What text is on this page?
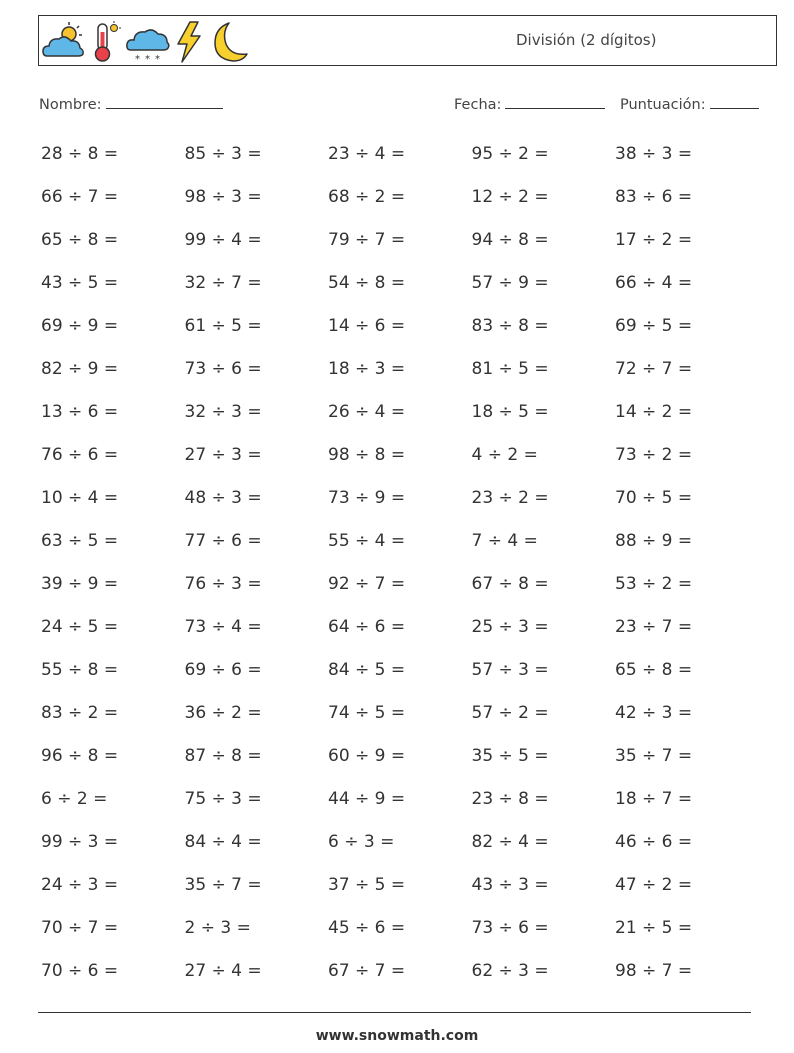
* * *
División (2 dígitos)
Nombre:	Fecha:	Puntuación:
28 ÷ 8 =	85 ÷ 3 =	23 ÷ 4 =	95 ÷ 2 =	38 ÷ 3 =
66 ÷ 7 =	98 ÷ 3 =	68 ÷ 2 =	12 ÷ 2 =	83 ÷ 6 =
65 ÷ 8 =	99 ÷ 4 =	79 ÷ 7 =	94 ÷ 8 =	17 ÷ 2 =
43 ÷ 5 =	32 ÷ 7 =	54 ÷ 8 =	57 ÷ 9 =	66 ÷ 4 =
69 ÷ 9 =	61 ÷ 5 =	14 ÷ 6 =	83 ÷ 8 =	69 ÷ 5 =
82 ÷ 9 =	73 ÷ 6 =	18 ÷ 3 =	81 ÷ 5 =	72 ÷ 7 =
13 ÷ 6 =	32 ÷ 3 =	26 ÷ 4 =	18 ÷ 5 =	14 ÷ 2 =
76 ÷ 6 =	27 ÷ 3 =	98 ÷ 8 =	4 ÷ 2 =	73 ÷ 2 =
10 ÷ 4 =	48 ÷ 3 =	73 ÷ 9 =	23 ÷ 2 =	70 ÷ 5 =
63 ÷ 5 =	77 ÷ 6 =	55 ÷ 4 =	7 ÷ 4 =	88 ÷ 9 =
39 ÷ 9 =	76 ÷ 3 =	92 ÷ 7 =	67 ÷ 8 =	53 ÷ 2 =
24 ÷ 5 =	73 ÷ 4 =	64 ÷ 6 =	25 ÷ 3 =	23 ÷ 7 =
55 ÷ 8 =	69 ÷ 6 =	84 ÷ 5 =	57 ÷ 3 =	65 ÷ 8 =
83 ÷ 2 =	36 ÷ 2 =	74 ÷ 5 =	57 ÷ 2 =	42 ÷ 3 =
96 ÷ 8 =	87 ÷ 8 =	60 ÷ 9 =	35 ÷ 5 =	35 ÷ 7 =
6 ÷ 2 =	75 ÷ 3 =	44 ÷ 9 =	23 ÷ 8 =	18 ÷ 7 =
99 ÷ 3 =	84 ÷ 4 =	6 ÷ 3 =	82 ÷ 4 =	46 ÷ 6 =
24 ÷ 3 =	35 ÷ 7 =	37 ÷ 5 =	43 ÷ 3 =	47 ÷ 2 =
70 ÷ 7 =	2 ÷ 3 =	45 ÷ 6 =	73 ÷ 6 =	21 ÷ 5 =
70 ÷ 6 =	27 ÷ 4 =	67 ÷ 7 =	62 ÷ 3 =	98 ÷ 7 =
www.snowmath.com
